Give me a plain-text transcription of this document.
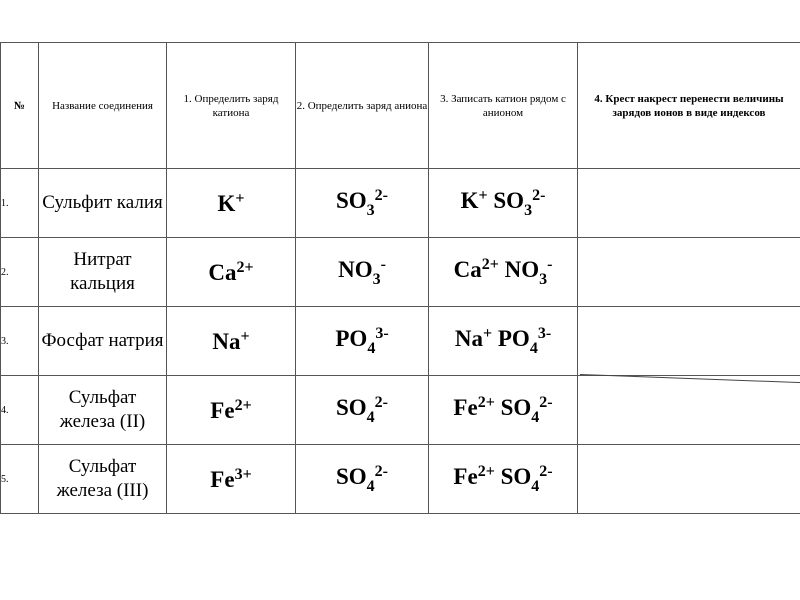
№	Название соединения	1. Определить заряд катиона	2. Определить заряд аниона	3. Записать катион рядом с анионом	4. Крест накрест перенести величины зарядов ионов в виде индексов
1.	Сульфит калия	K+	$SO_3^{2-}$	K+ $SO_3^{2-}$	
2.	Нитрат кальция	$Ca^{2+}$	$NO_3^-$	$Ca^{2+}$ $NO_3^-$	
3.	Фосфат натрия	Na+	$PO_4^{3-}$	Na+ $PO_4^{3-}$	
4.	Сульфат железа (II)	$Fe^{2+}$	$SO_4^{2-}$	$Fe^{2+}$ $SO_4^{2-}$	
5.	Сульфат железа (III)	$Fe^{3+}$	$SO_4^{2-}$	$Fe^{2+}$ $SO_4^{2-}$	
